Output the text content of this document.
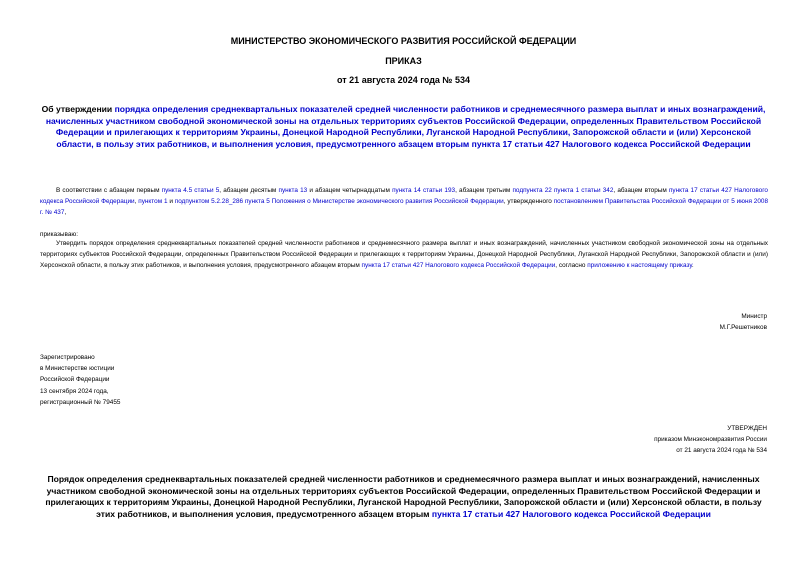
МИНИСТЕРСТВО ЭКОНОМИЧЕСКОГО РАЗВИТИЯ РОССИЙСКОЙ ФЕДЕРАЦИИ
ПРИКАЗ
от 21 августа 2024 года № 534
Об утверждении порядка определения среднеквартальных показателей средней численности работников и среднемесячного размера выплат и иных вознаграждений, начисленных участником свободной экономической зоны на отдельных территориях субъектов Российской Федерации, определенных Правительством Российской Федерации и прилегающих к территориям Украины, Донецкой Народной Республики, Луганской Народной Республики, Запорожской области и (или) Херсонской области, в пользу этих работников, и выполнения условия, предусмотренного абзацем вторым пункта 17 статьи 427 Налогового кодекса Российской Федерации
В соответствии с абзацем первым пункта 4.5 статьи 5, абзацем десятым пункта 13 и абзацем четырнадцатым пункта 14 статьи 193, абзацем третьим подпункта 22 пункта 1 статьи 342, абзацем вторым пункта 17 статьи 427 Налогового кодекса Российской Федерации, пунктом 1 и подпунктом 5.2.28_286 пункта 5 Положения о Министерстве экономического развития Российской Федерации, утвержденного постановлением Правительства Российской Федерации от 5 июня 2008 г. № 437,
приказываю:
Утвердить порядок определения среднеквартальных показателей средней численности работников и среднемесячного размера выплат и иных вознаграждений, начисленных участником свободной экономической зоны на отдельных территориях субъектов Российской Федерации, определенных Правительством Российской Федерации и прилегающих к территориям Украины, Донецкой Народной Республики, Луганской Народной Республики, Запорожской области и (или) Херсонской области, в пользу этих работников, и выполнения условия, предусмотренного абзацем вторым пункта 17 статьи 427 Налогового кодекса Российской Федерации, согласно приложению к настоящему приказу.
Министр
М.Г.Решетников
Зарегистрировано
в Министерстве юстиции
Российской Федерации
13 сентября 2024 года,
регистрационный № 79455
УТВЕРЖДЕН
приказом Минэкономразвития России
от 21 августа 2024 года № 534
Порядок определения среднеквартальных показателей средней численности работников и среднемесячного размера выплат и иных вознаграждений, начисленных участником свободной экономической зоны на отдельных территориях субъектов Российской Федерации, определенных Правительством Российской Федерации и прилегающих к территориям Украины, Донецкой Народной Республики, Луганской Народной Республики, Запорожской области и (или) Херсонской области, в пользу этих работников, и выполнения условия, предусмотренного абзацем вторым пункта 17 статьи 427 Налогового кодекса Российской Федерации
